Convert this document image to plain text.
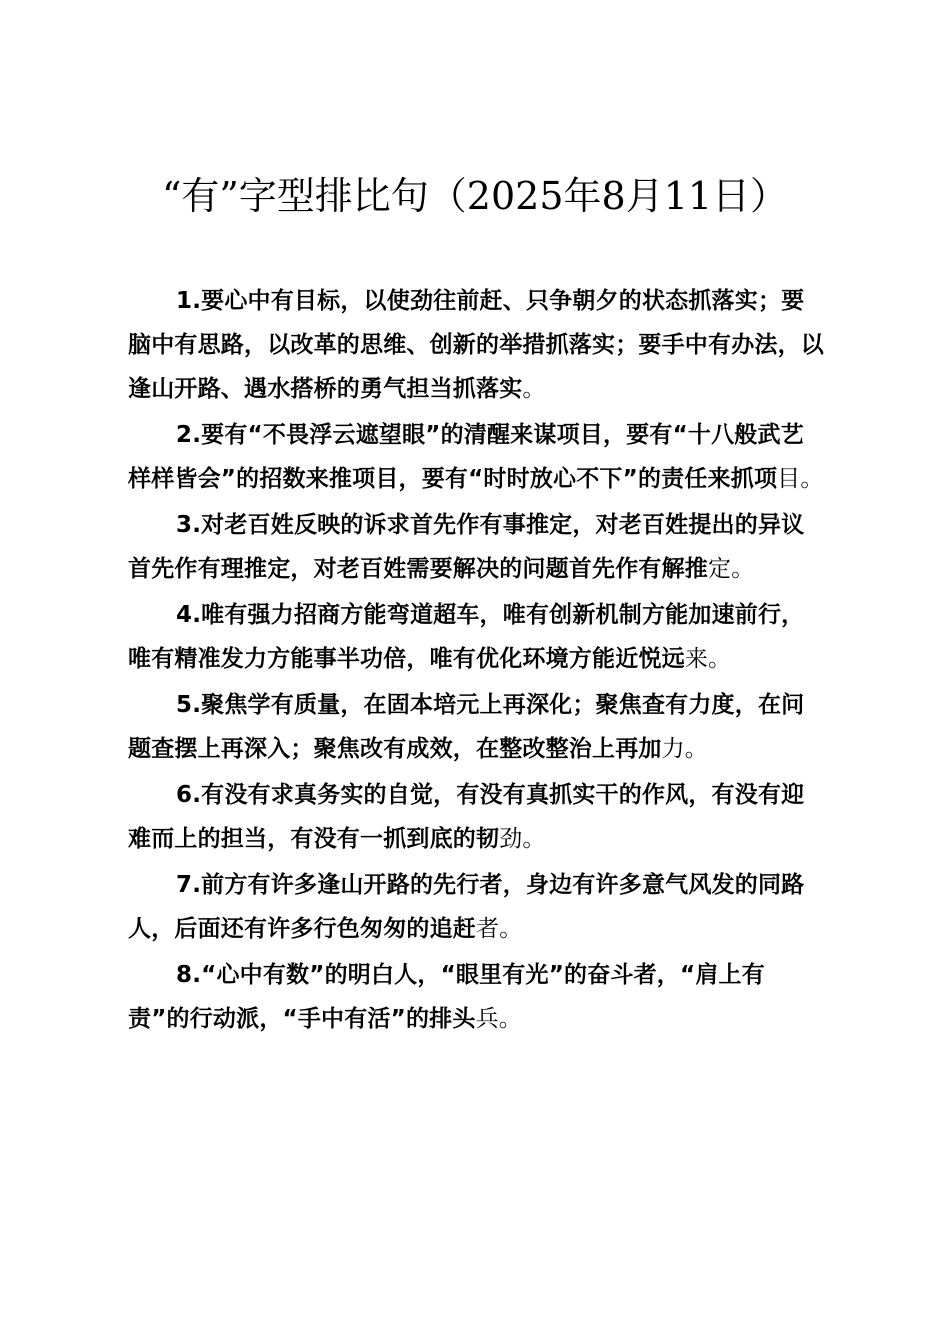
“有”字型排比句（2025年8月11日）
1.要心中有目标，以使劲往前赶、只争朝夕的状态抓落实；要脑中有思路，以改革的思维、创新的举措抓落实；要手中有办法，以逢山开路、遇水搭桥的勇气担当抓落实。
2.要有“不畏浮云遮望眼”的清醒来谋项目，要有“十八般武艺样样皆会”的招数来推项目，要有“时时放心不下”的责任来抓项目。
3.对老百姓反映的诉求首先作有事推定，对老百姓提出的异议首先作有理推定，对老百姓需要解决的问题首先作有解推定。
4.唯有强力招商方能弯道超车，唯有创新机制方能加速前行，唯有精准发力方能事半功倍，唯有优化环境方能近悦远来。
5.聚焦学有质量，在固本培元上再深化；聚焦查有力度，在问题查摆上再深入；聚焦改有成效，在整改整治上再加力。
6.有没有求真务实的自觉，有没有真抓实干的作风，有没有迎难而上的担当，有没有一抓到底的韧劲。
7.前方有许多逢山开路的先行者，身边有许多意气风发的同路人，后面还有许多行色匆匆的追赶者。
8.“心中有数”的明白人，“眼里有光”的奋斗者，“肩上有责”的行动派，“手中有活”的排头兵。
